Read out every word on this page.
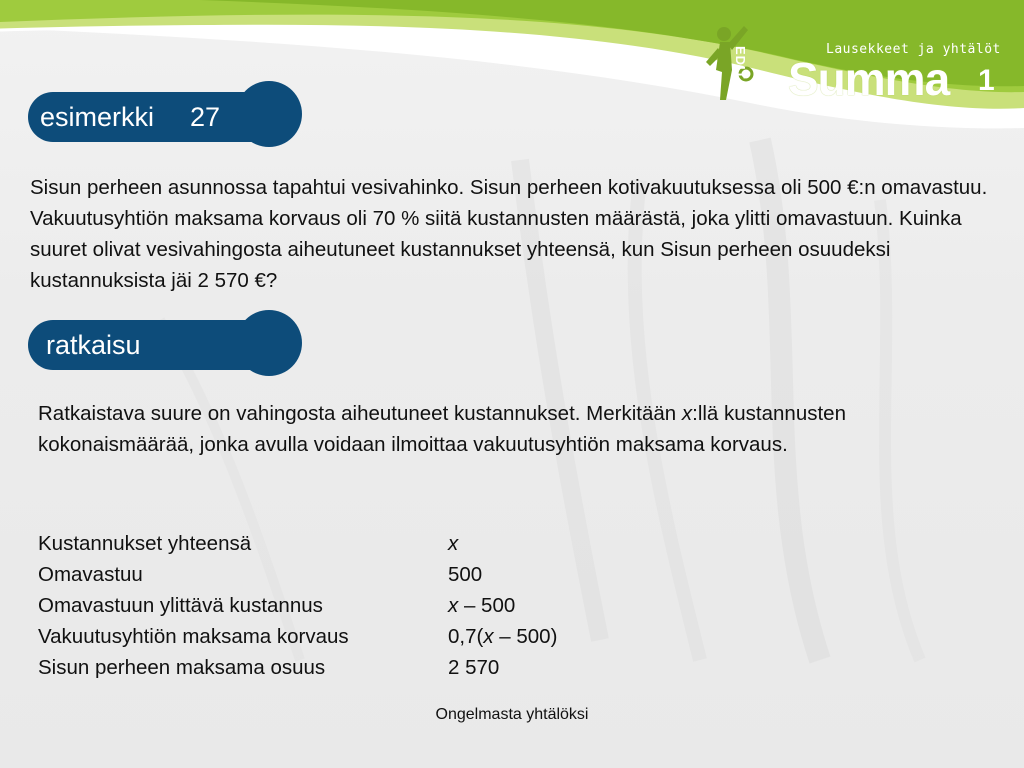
EDITA	Lausekkeet ja yhtälöt
Summa 1
esimerkki 27
Sisun perheen asunnossa tapahtui vesivahinko. Sisun perheen kotivakuutuksessa oli 500 €:n omavastuu. Vakuutusyhtiön maksama korvaus oli 70 % siitä kustannusten määrästä, joka ylitti omavastuun. Kuinka suuret olivat vesivahingosta aiheutuneet kustannukset yhteensä, kun Sisun perheen osuudeksi kustannuksista jäi 2 570 €?
ratkaisu
Ratkaistava suure on vahingosta aiheutuneet kustannukset. Merkitään x:llä kustannusten kokonaismäärää, jonka avulla voidaan ilmoittaa vakuutusyhtiön maksama korvaus.
Kustannukset yhteensä	x
Omavastuu	500
Omavastuun ylittävä kustannus	x – 500
Vakuutusyhtiön maksama korvaus	0,7(x – 500)
Sisun perheen maksama osuus	2 570
Ongelmasta yhtälöksi
